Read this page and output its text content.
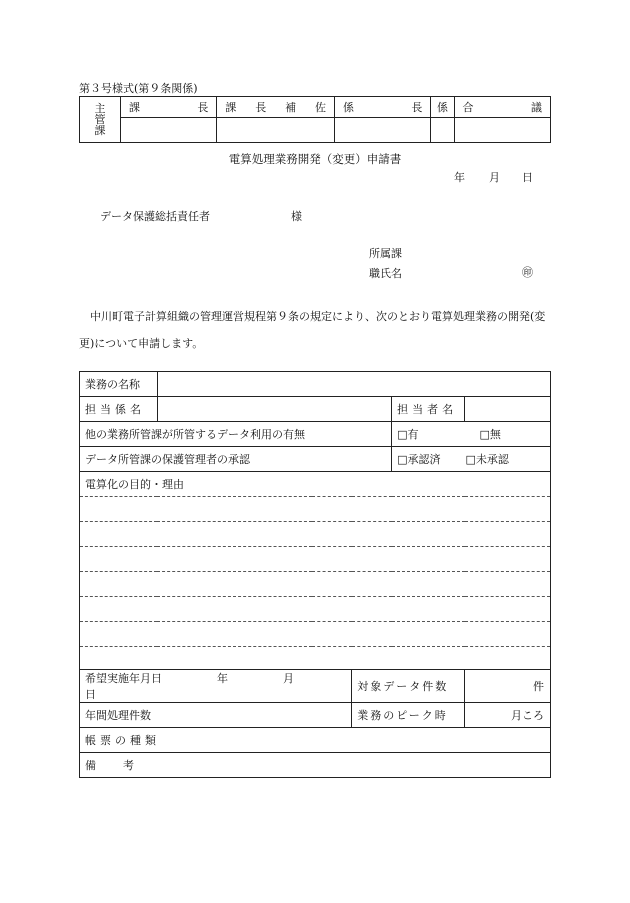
第３号様式(第９条関係)
主
管
課	課　長	課長補佐	係　長	係	合　議

電算処理業務開発（変更）申請書
年 月 日
データ保護総括責任者	様
所属課
職氏名	㊞
中川町電子計算組織の管理運営規程第９条の規定により、次のとおり電算処理業務の開発(変更)について申請します。
業務の名称				
担当係名			担当者名	
他の業務所管課が所管するデータ利用の有無			□有 □無	
データ所管課の保護管理者の承認			□承認済 □未承認	
電算化の目的・理由				

希望実施年月日 年 月  日		対象データ件数		件
年間処理件数		業務のピーク時		月ころ
帳票の種類				
備　考				
